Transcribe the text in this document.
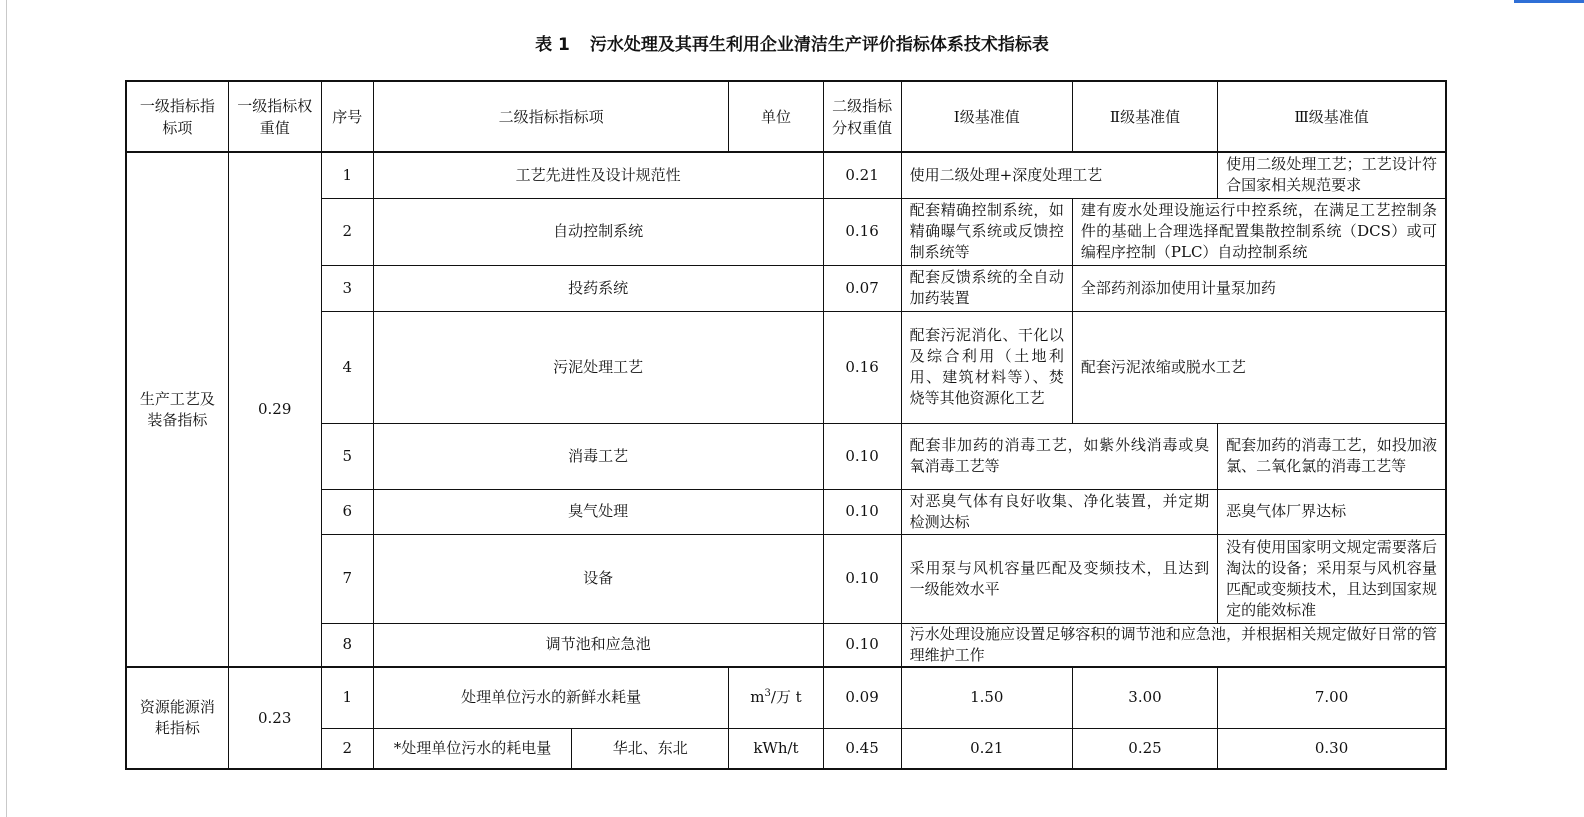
表 1 污水处理及其再生利用企业清洁生产评价指标体系技术指标表
一级指标指标项	一级指标权重值	序号	二级指标指标项		单位	二级指标分权重值	Ⅰ级基准值	Ⅱ级基准值	Ⅲ级基准值
生产工艺及装备指标	0.29	1	工艺先进性及设计规范性			0.21	使用二级处理+深度处理工艺		使用二级处理工艺；工艺设计符合国家相关规范要求
		2	自动控制系统			0.16	配套精确控制系统，如精确曝气系统或反馈控制系统等	建有废水处理设施运行中控系统，在满足工艺控制条件的基础上合理选择配置集散控制系统（DCS）或可编程序控制（PLC）自动控制系统	
		3	投药系统			0.07	配套反馈系统的全自动加药装置	全部药剂添加使用计量泵加药	
		4	污泥处理工艺			0.16	配套污泥消化、干化以及综合利用（土地利用、建筑材料等）、焚烧等其他资源化工艺	配套污泥浓缩或脱水工艺	
		5	消毒工艺			0.10	配套非加药的消毒工艺，如紫外线消毒或臭氧消毒工艺等		配套加药的消毒工艺，如投加液氯、二氧化氯的消毒工艺等
		6	臭气处理			0.10	对恶臭气体有良好收集、净化装置，并定期检测达标		恶臭气体厂界达标
		7	设备			0.10	采用泵与风机容量匹配及变频技术，且达到一级能效水平		没有使用国家明文规定需要落后淘汰的设备；采用泵与风机容量匹配或变频技术，且达到国家规定的能效标准
		8	调节池和应急池			0.10	污水处理设施应设置足够容积的调节池和应急池，并根据相关规定做好日常的管理维护工作		
资源能源消耗指标	0.23	1	处理单位污水的新鲜水耗量		$m^3/$万 t	0.09	1.50	3.00	7.00
		2	*处理单位污水的耗电量	华北、东北	kWh/t	0.45	0.21	0.25	0.30
